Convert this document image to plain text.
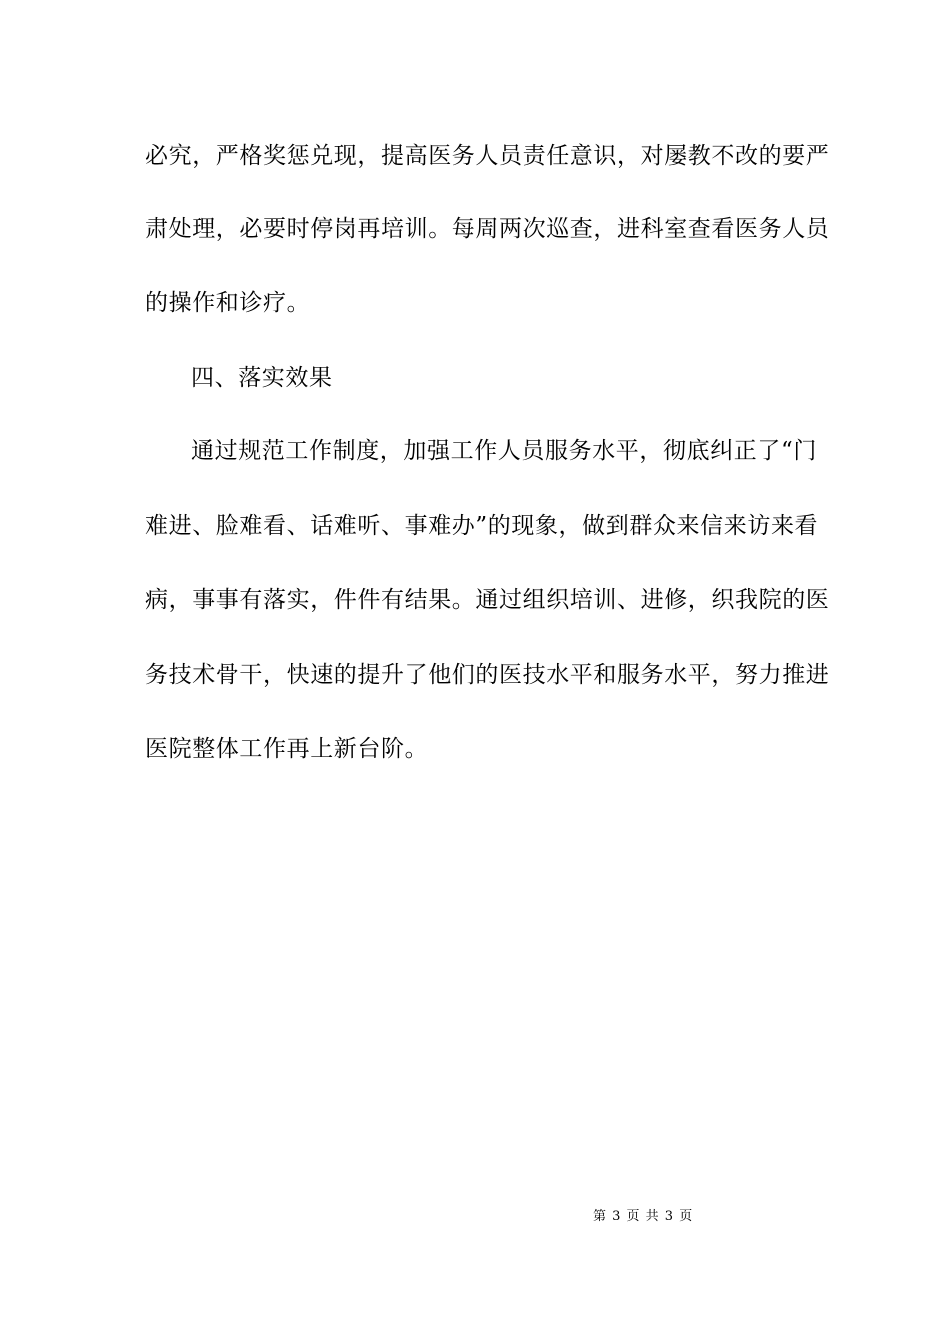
必究，严格奖惩兑现，提高医务人员责任意识，对屡教不改的要严
肃处理，必要时停岗再培训。每周两次巡查，进科室查看医务人员
的操作和诊疗。
四、落实效果
通过规范工作制度，加强工作人员服务水平，彻底纠正了“门
难进、脸难看、话难听、事难办”的现象，做到群众来信来访来看
病，事事有落实，件件有结果。通过组织培训、进修，织我院的医
务技术骨干，快速的提升了他们的医技水平和服务水平，努力推进
医院整体工作再上新台阶。
第 3 页 共 3 页
